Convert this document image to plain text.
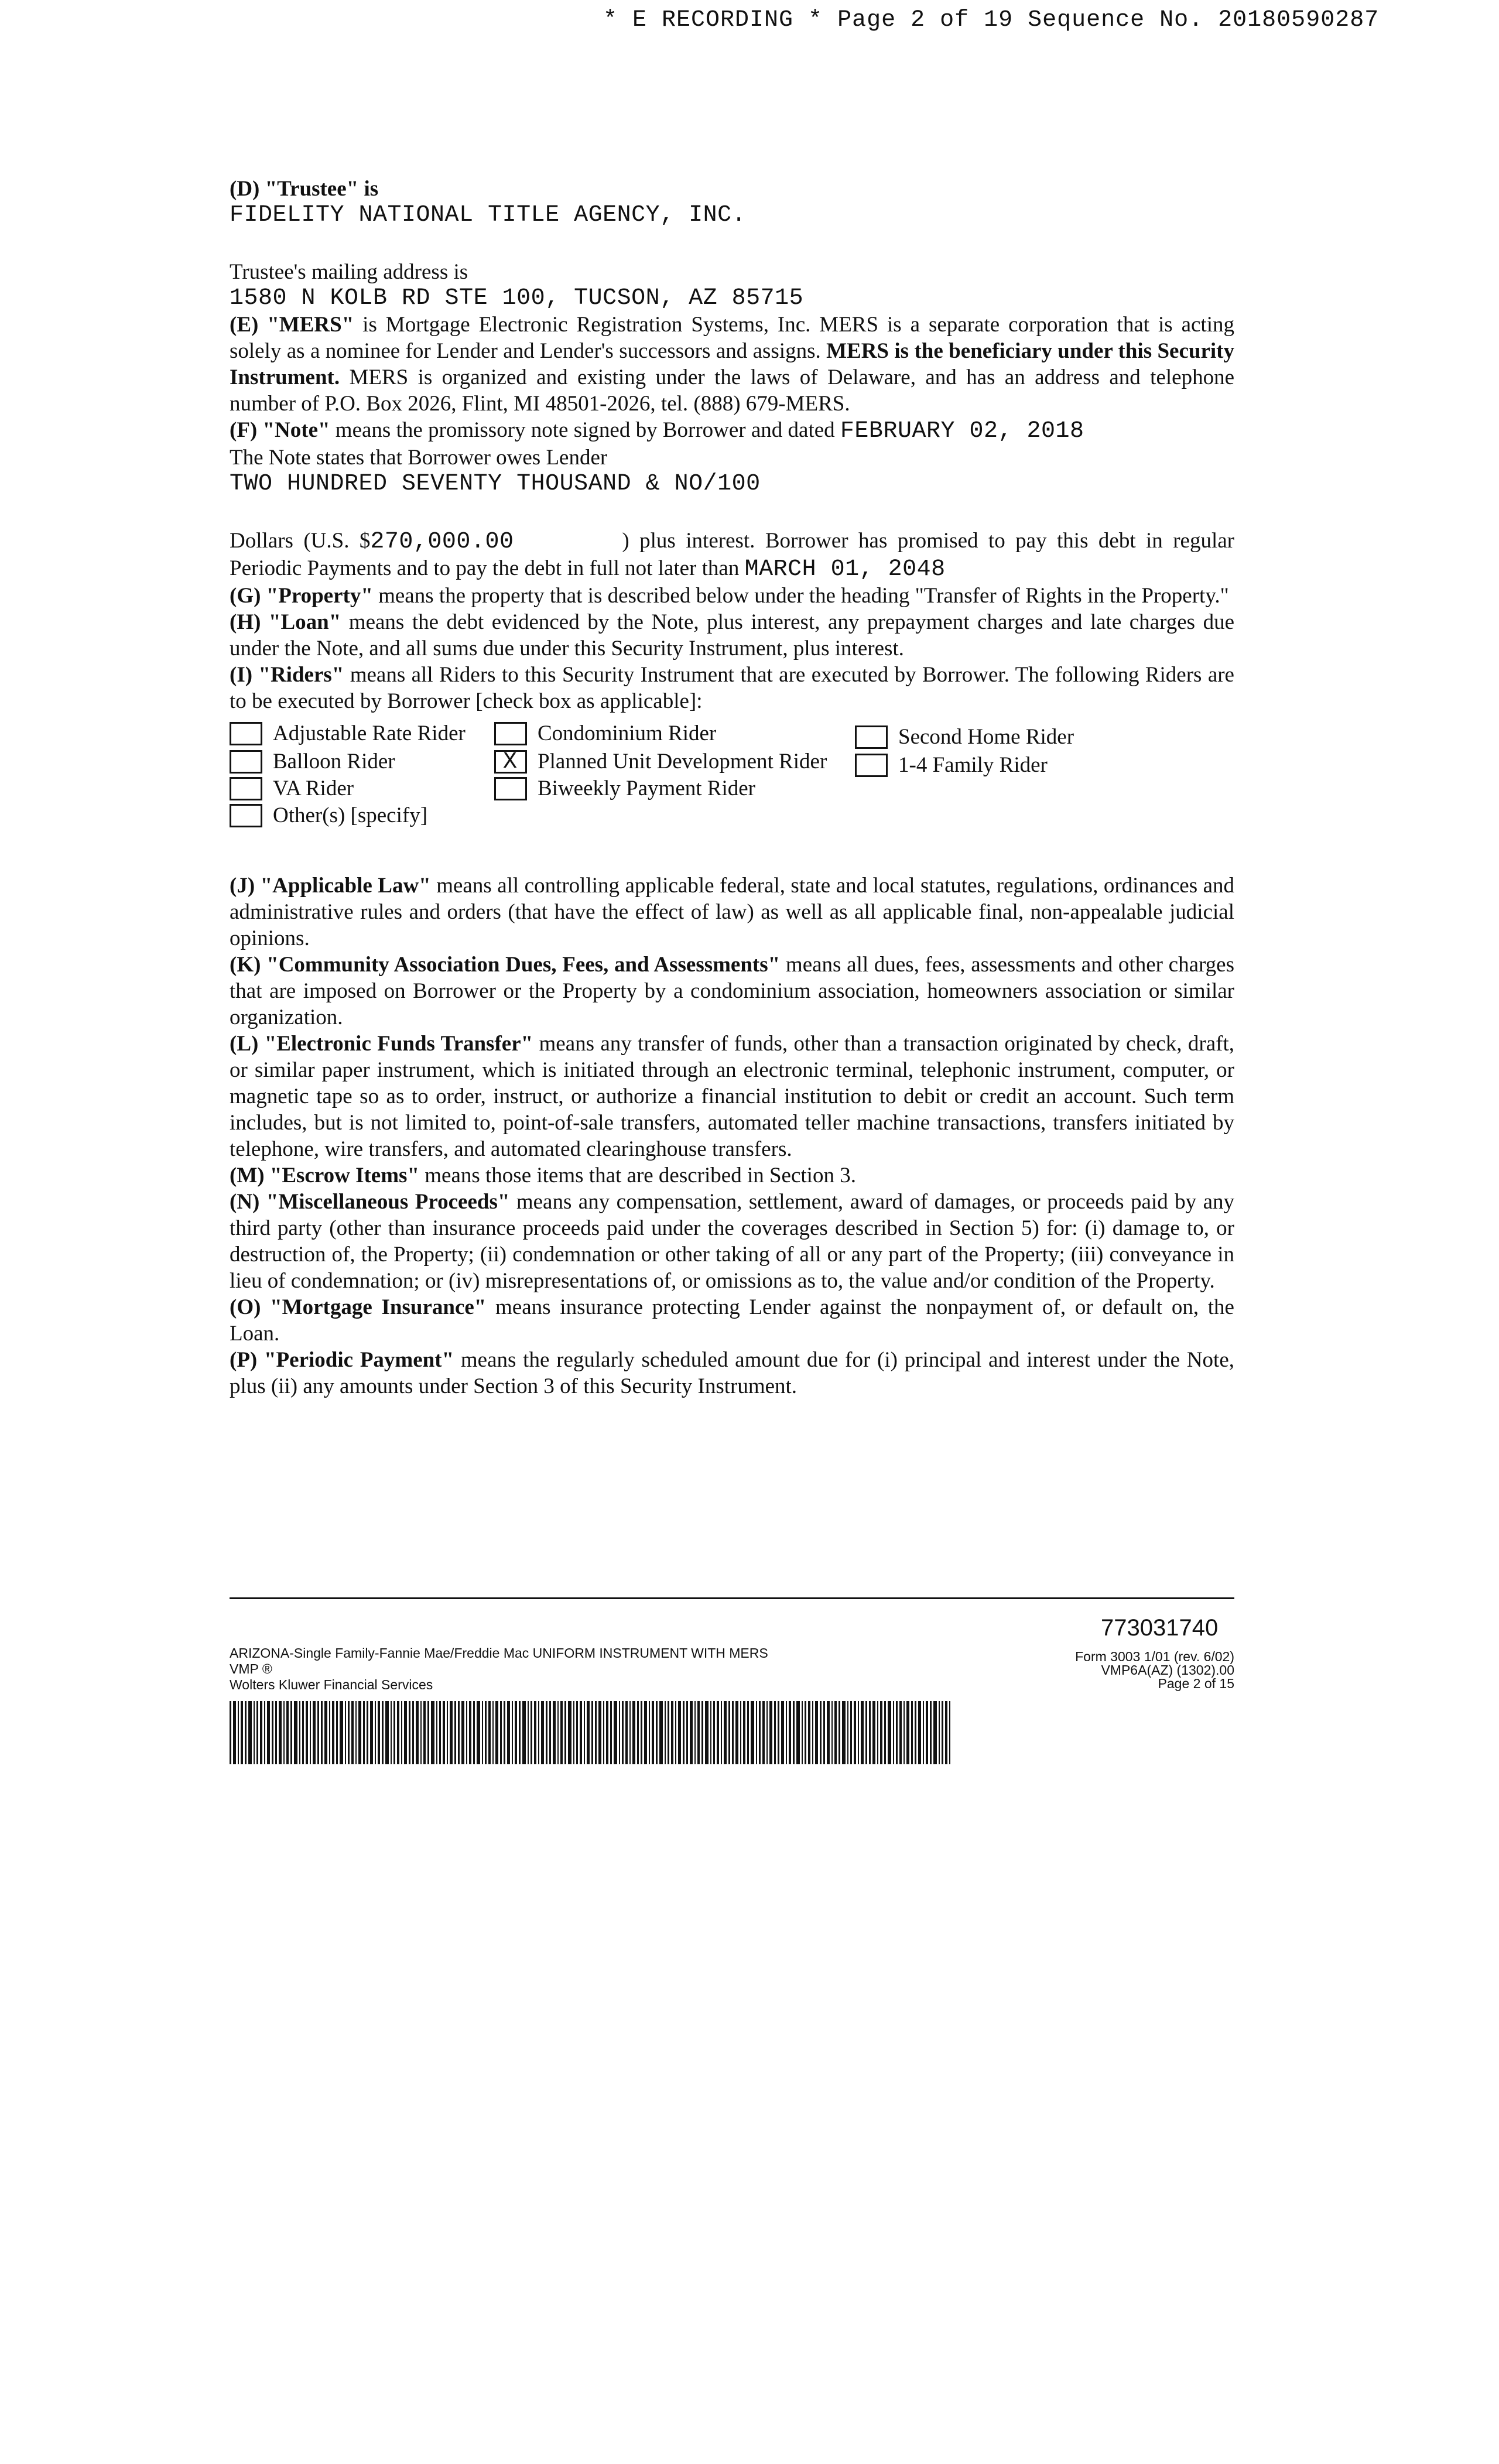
* E RECORDING * Page 2 of 19 Sequence No. 20180590287

(D) "Trustee" is

FIDELITY NATIONAL TITLE AGENCY, INC.

Trustee's mailing address is

1580 N KOLB RD STE 100, TUCSON, AZ 85715

(E) "MERS" is Mortgage Electronic Registration Systems, Inc. MERS is a separate corporation that is acting solely as a nominee for Lender and Lender's successors and assigns. MERS is the beneficiary under this Security Instrument. MERS is organized and existing under the laws of Delaware, and has an address and telephone number of P.O. Box 2026, Flint, MI 48501-2026, tel. (888) 679-MERS.

(F) "Note" means the promissory note signed by Borrower and dated FEBRUARY 02, 2018

The Note states that Borrower owes Lender

TWO HUNDRED SEVENTY THOUSAND & NO/100

Dollars (U.S. $270,000.00	) plus interest. Borrower has promised to pay this debt in regular Periodic Payments and to pay the debt in full not later than MARCH 01, 2048

(G) "Property" means the property that is described below under the heading "Transfer of Rights in the Property."

(H) "Loan" means the debt evidenced by the Note, plus interest, any prepayment charges and late charges due under the Note, and all sums due under this Security Instrument, plus interest.

(I) "Riders" means all Riders to this Security Instrument that are executed by Borrower. The following Riders are to be executed by Borrower [check box as applicable]:

Adjustable Rate Rider
Balloon Rider
VA Rider
Other(s) [specify]
Condominium Rider
X
Planned Unit Development Rider
Biweekly Payment Rider
Second Home Rider
1-4 Family Rider

(J) "Applicable Law" means all controlling applicable federal, state and local statutes, regulations, ordinances and administrative rules and orders (that have the effect of law) as well as all applicable final, non-appealable judicial opinions.

(K) "Community Association Dues, Fees, and Assessments" means all dues, fees, assessments and other charges that are imposed on Borrower or the Property by a condominium association, homeowners association or similar organization.

(L) "Electronic Funds Transfer" means any transfer of funds, other than a transaction originated by check, draft, or similar paper instrument, which is initiated through an electronic terminal, telephonic instrument, computer, or magnetic tape so as to order, instruct, or authorize a financial institution to debit or credit an account. Such term includes, but is not limited to, point-of-sale transfers, automated teller machine transactions, transfers initiated by telephone, wire transfers, and automated clearinghouse transfers.

(M) "Escrow Items" means those items that are described in Section 3.

(N) "Miscellaneous Proceeds" means any compensation, settlement, award of damages, or proceeds paid by any third party (other than insurance proceeds paid under the coverages described in Section 5) for: (i) damage to, or destruction of, the Property; (ii) condemnation or other taking of all or any part of the Property; (iii) conveyance in lieu of condemnation; or (iv) misrepresentations of, or omissions as to, the value and/or condition of the Property.

(O) "Mortgage Insurance" means insurance protecting Lender against the nonpayment of, or default on, the Loan.

(P) "Periodic Payment" means the regularly scheduled amount due for (i) principal and interest under the Note, plus (ii) any amounts under Section 3 of this Security Instrument.

773031740
ARIZONA-Single Family-Fannie Mae/Freddie Mac UNIFORM INSTRUMENT WITH MERS
VMP ®
Wolters Kluwer Financial Services
Form 3003 1/01 (rev. 6/02)
VMP6A(AZ) (1302).00
Page 2 of 15
